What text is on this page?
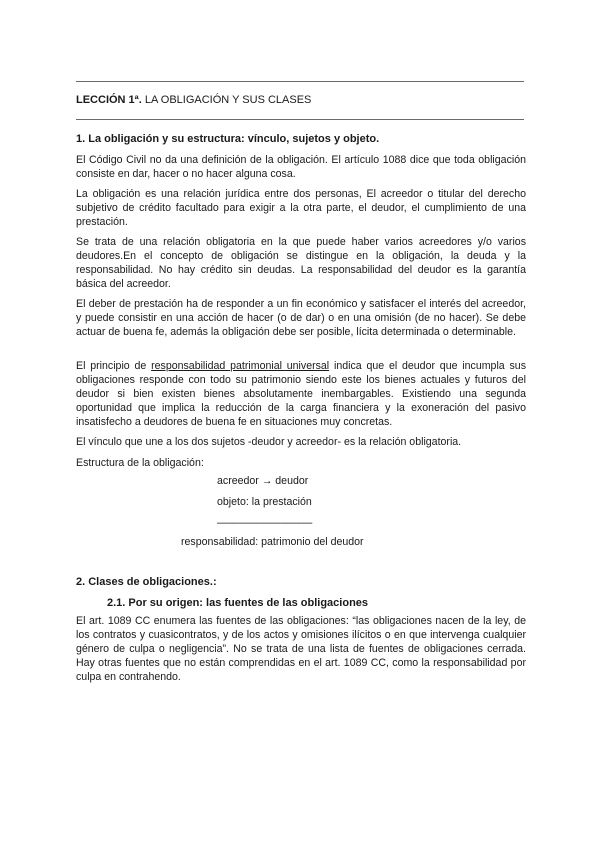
LECCIÓN 1ª. LA OBLIGACIÓN Y SUS CLASES
1. La obligación y su estructura: vínculo, sujetos y objeto.
El Código Civil no da una definición de la obligación. El artículo 1088 dice que toda obligación consiste en dar, hacer o no hacer alguna cosa.
La obligación es una relación jurídica entre dos personas, El acreedor o titular del derecho subjetivo de crédito facultado para exigir a la otra parte, el deudor, el cumplimiento de una prestación.
Se trata de una relación obligatoria en la que puede haber varios acreedores y/o varios deudores.En el concepto de obligación se distingue en la obligación, la deuda y la responsabilidad. No hay crédito sin deudas. La responsabilidad del deudor es la garantía básica del acreedor.
El deber de prestación ha de responder a un fin económico y satisfacer el interés del acreedor, y puede consistir en una acción de hacer (o de dar) o en una omisión (de no hacer). Se debe actuar de buena fe, además la obligación debe ser posible, lícita determinada o determinable.
El principio de responsabilidad patrimonial universal indica que el deudor que incumpla sus obligaciones responde con todo su patrimonio siendo este los bienes actuales y futuros del deudor si bien existen bienes absolutamente inembargables. Existiendo una segunda oportunidad que implica la reducción de la carga financiera y la exoneración del pasivo insatisfecho a deudores de buena fe en situaciones muy concretas.
El vínculo que une a los dos sujetos -deudor y acreedor- es la relación obligatoria.
Estructura de la obligación:
acreedor → deudor
objeto: la prestación
—————————
responsabilidad: patrimonio del deudor
2. Clases de obligaciones.:
2.1. Por su origen: las fuentes de las obligaciones
El art. 1089 CC enumera las fuentes de las obligaciones: “las obligaciones nacen de la ley, de los contratos y cuasicontratos, y de los actos y omisiones ilícitos o en que intervenga cualquier género de culpa o negligencia”. No se trata de una lista de fuentes de obligaciones cerrada. Hay otras fuentes que no están comprendidas en el art. 1089 CC, como la responsabilidad por culpa en contrahendo.
